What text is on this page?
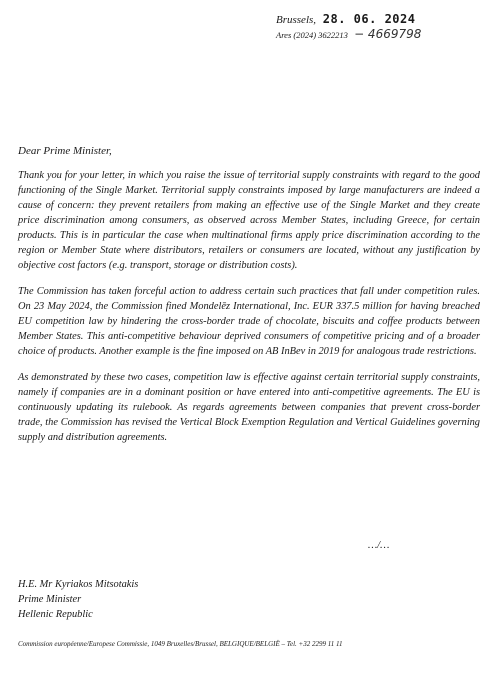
Brussels, 28. 06. 2024
Ares (2024) 3622213 − 4669798
Dear Prime Minister,

Thank you for your letter, in which you raise the issue of territorial supply constraints with regard to the good functioning of the Single Market. Territorial supply constraints imposed by large manufacturers are indeed a cause of concern: they prevent retailers from making an effective use of the Single Market and they create price discrimination among consumers, as observed across Member States, including Greece, for certain products. This is in particular the case when multinational firms apply price discrimination according to the region or Member State where distributors, retailers or consumers are located, without any justification by objective cost factors (e.g. transport, storage or distribution costs).

The Commission has taken forceful action to address certain such practices that fall under competition rules. On 23 May 2024, the Commission fined Mondelēz International, Inc. EUR 337.5 million for having breached EU competition law by hindering the cross-border trade of chocolate, biscuits and coffee products between Member States. This anti-competitive behaviour deprived consumers of competitive pricing and of a broader choice of products. Another example is the fine imposed on AB InBev in 2019 for analogous trade restrictions.

As demonstrated by these two cases, competition law is effective against certain territorial supply constraints, namely if companies are in a dominant position or have entered into anti-competitive agreements. The EU is continuously updating its rulebook. As regards agreements between companies that prevent cross-border trade, the Commission has revised the Vertical Block Exemption Regulation and Vertical Guidelines governing supply and distribution agreements.

…/…
H.E. Mr Kyriakos Mitsotakis
Prime Minister
Hellenic Republic
Commission européenne/Europese Commissie, 1049 Bruxelles/Brussel, BELGIQUE/BELGIË – Tel. +32 2299 11 11
